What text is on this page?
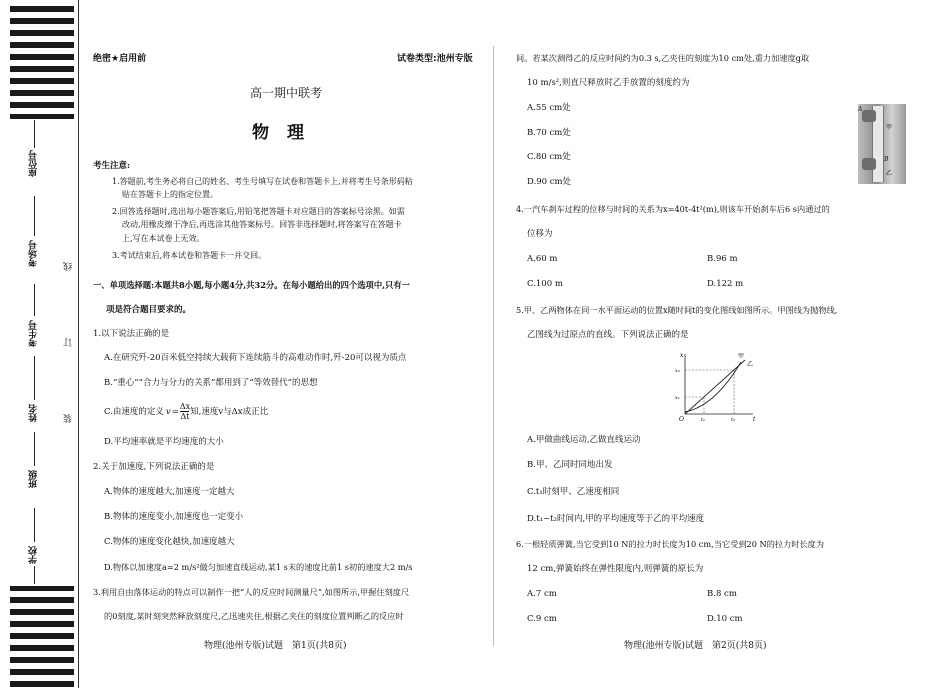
座位号
考场号
考生号
姓名
班级
学校
线
订
装
绝密★启用前	试卷类型:池州专版
高一期中联考
物理
考生注意:
1.答题前,考生务必将自己的姓名、考生号填写在试卷和答题卡上,并将考生号条形码粘
贴在答题卡上的指定位置。
2.回答选择题时,选出每小题答案后,用铅笔把答题卡对应题目的答案标号涂黑。如需
改动,用橡皮擦干净后,再选涂其他答案标号。回答非选择题时,将答案写在答题卡
上,写在本试卷上无效。
3.考试结束后,将本试卷和答题卡一并交回。
一、单项选择题:本题共8小题,每小题4分,共32分。在每小题给出的四个选项中,只有一
项是符合题目要求的。
1.以下说法正确的是
A.在研究歼-20百米低空持续大载荷下连续筋斗的高难动作时,歼-20可以视为质点
B.“重心”“合力与分力的关系”都用到了“等效替代”的思想
C.由速度的定义 $v = \frac{\Delta x}{\Delta t}$ 知,速度v与Δx成正比
D.平均速率就是平均速度的大小
2.关于加速度,下列说法正确的是
A.物体的速度越大,加速度一定越大
B.物体的速度变小,加速度也一定变小
C.物体的速度变化越快,加速度越大
D.物体以加速度a=2 m/s²做匀加速直线运动,某1 s末的速度比前1 s初的速度大2 m/s
3.利用自由落体运动的特点可以制作一把“人的反应时间测量尺”,如图所示,甲握住刻度尺
的0刻度,某时刻突然释放刻度尺,乙迅速夹住,根据乙夹住的刻度位置判断乙的反应时
物理(池州专版)试题　第1页(共8页)
间。若某次测得乙的反应时间约为0.3 s,乙夹住的刻度为10 cm处,重力加速度g取
10 m/s²,则直尺释放时乙手放置的刻度约为
A.55 cm处
B.70 cm处
C.80 cm处
D.90 cm处
A
甲
B
乙
4.一汽车刹车过程的位移与时间的关系为x=40t-4t²(m),则该车开始刹车后6 s内通过的
位移为
A.60 m	B.96 m
C.100 m	D.122 m
5.甲、乙两物体在同一水平面运动的位置x随时间t的变化图线如图所示。甲图线为抛物线,
乙图线为过原点的直线。下列说法正确的是
O	t
x
t₁	t₂
x₂
x₁
甲
乙
A.甲做曲线运动,乙做直线运动
B.甲、乙同时同地出发
C.t₁时刻甲、乙速度相同
D.t₁~t₂时间内,甲的平均速度等于乙的平均速度
6.一根轻质弹簧,当它受到10 N的拉力时长度为10 cm,当它受到20 N的拉力时长度为
12 cm,弹簧始终在弹性限度内,则弹簧的原长为
A.7 cm	B.8 cm
C.9 cm	D.10 cm
物理(池州专版)试题　第2页(共8页)
